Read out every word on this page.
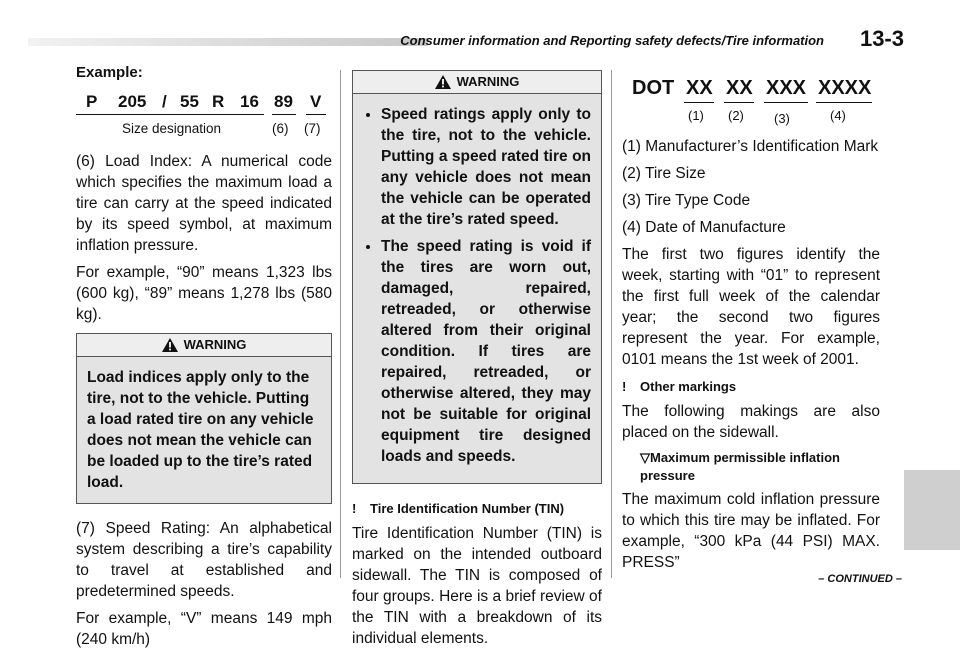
Consumer information and Reporting safety defects/Tire information 13-3
Example:
P 205 / 55 R 16 89 V
Size designation	(6) (7)

(6) Load Index: A numerical code which specifies the maximum load a tire can carry at the speed indicated by its speed symbol, at maximum inflation pressure.

For example, “90” means 1,323 lbs (600 kg), “89” means 1,278 lbs (580 kg).

WARNING
Load indices apply only to the tire, not to the vehicle. Putting a load rated tire on any vehicle does not mean the vehicle can be loaded up to the tire’s rated load.

(7) Speed Rating: An alphabetical system describing a tire’s capability to travel at established and predetermined speeds.

For example, “V” means 149 mph (240 km/h)

WARNING
• Speed ratings apply only to the tire, not to the vehicle. Putting a speed rated tire on any vehicle does not mean the vehicle can be operated at the tire’s rated speed.
• The speed rating is void if the tires are worn out, damaged, repaired, retreaded, or otherwise altered from their original condition. If tires are repaired, retreaded, or otherwise altered, they may not be suitable for original equipment tire designed loads and speeds.
! Tire Identification Number (TIN)

Tire Identification Number (TIN) is marked on the intended outboard sidewall. The TIN is composed of four groups. Here is a brief review of the TIN with a breakdown of its individual elements.

DOT XX XX XXX XXXX
(1) (2) (3)	(4)

(1) Manufacturer’s Identification Mark

(2) Tire Size

(3) Tire Type Code

(4) Date of Manufacture

The first two figures identify the week, starting with “01” to represent the first full week of the calendar year; the second two figures represent the year. For example, 0101 means the 1st week of 2001.

! Other markings

The following makings are also placed on the sidewall.

▽Maximum permissible inflation pressure

The maximum cold inflation pressure to which this tire may be inflated. For example, “300 kPa (44 PSI) MAX. PRESS”

– CONTINUED –
